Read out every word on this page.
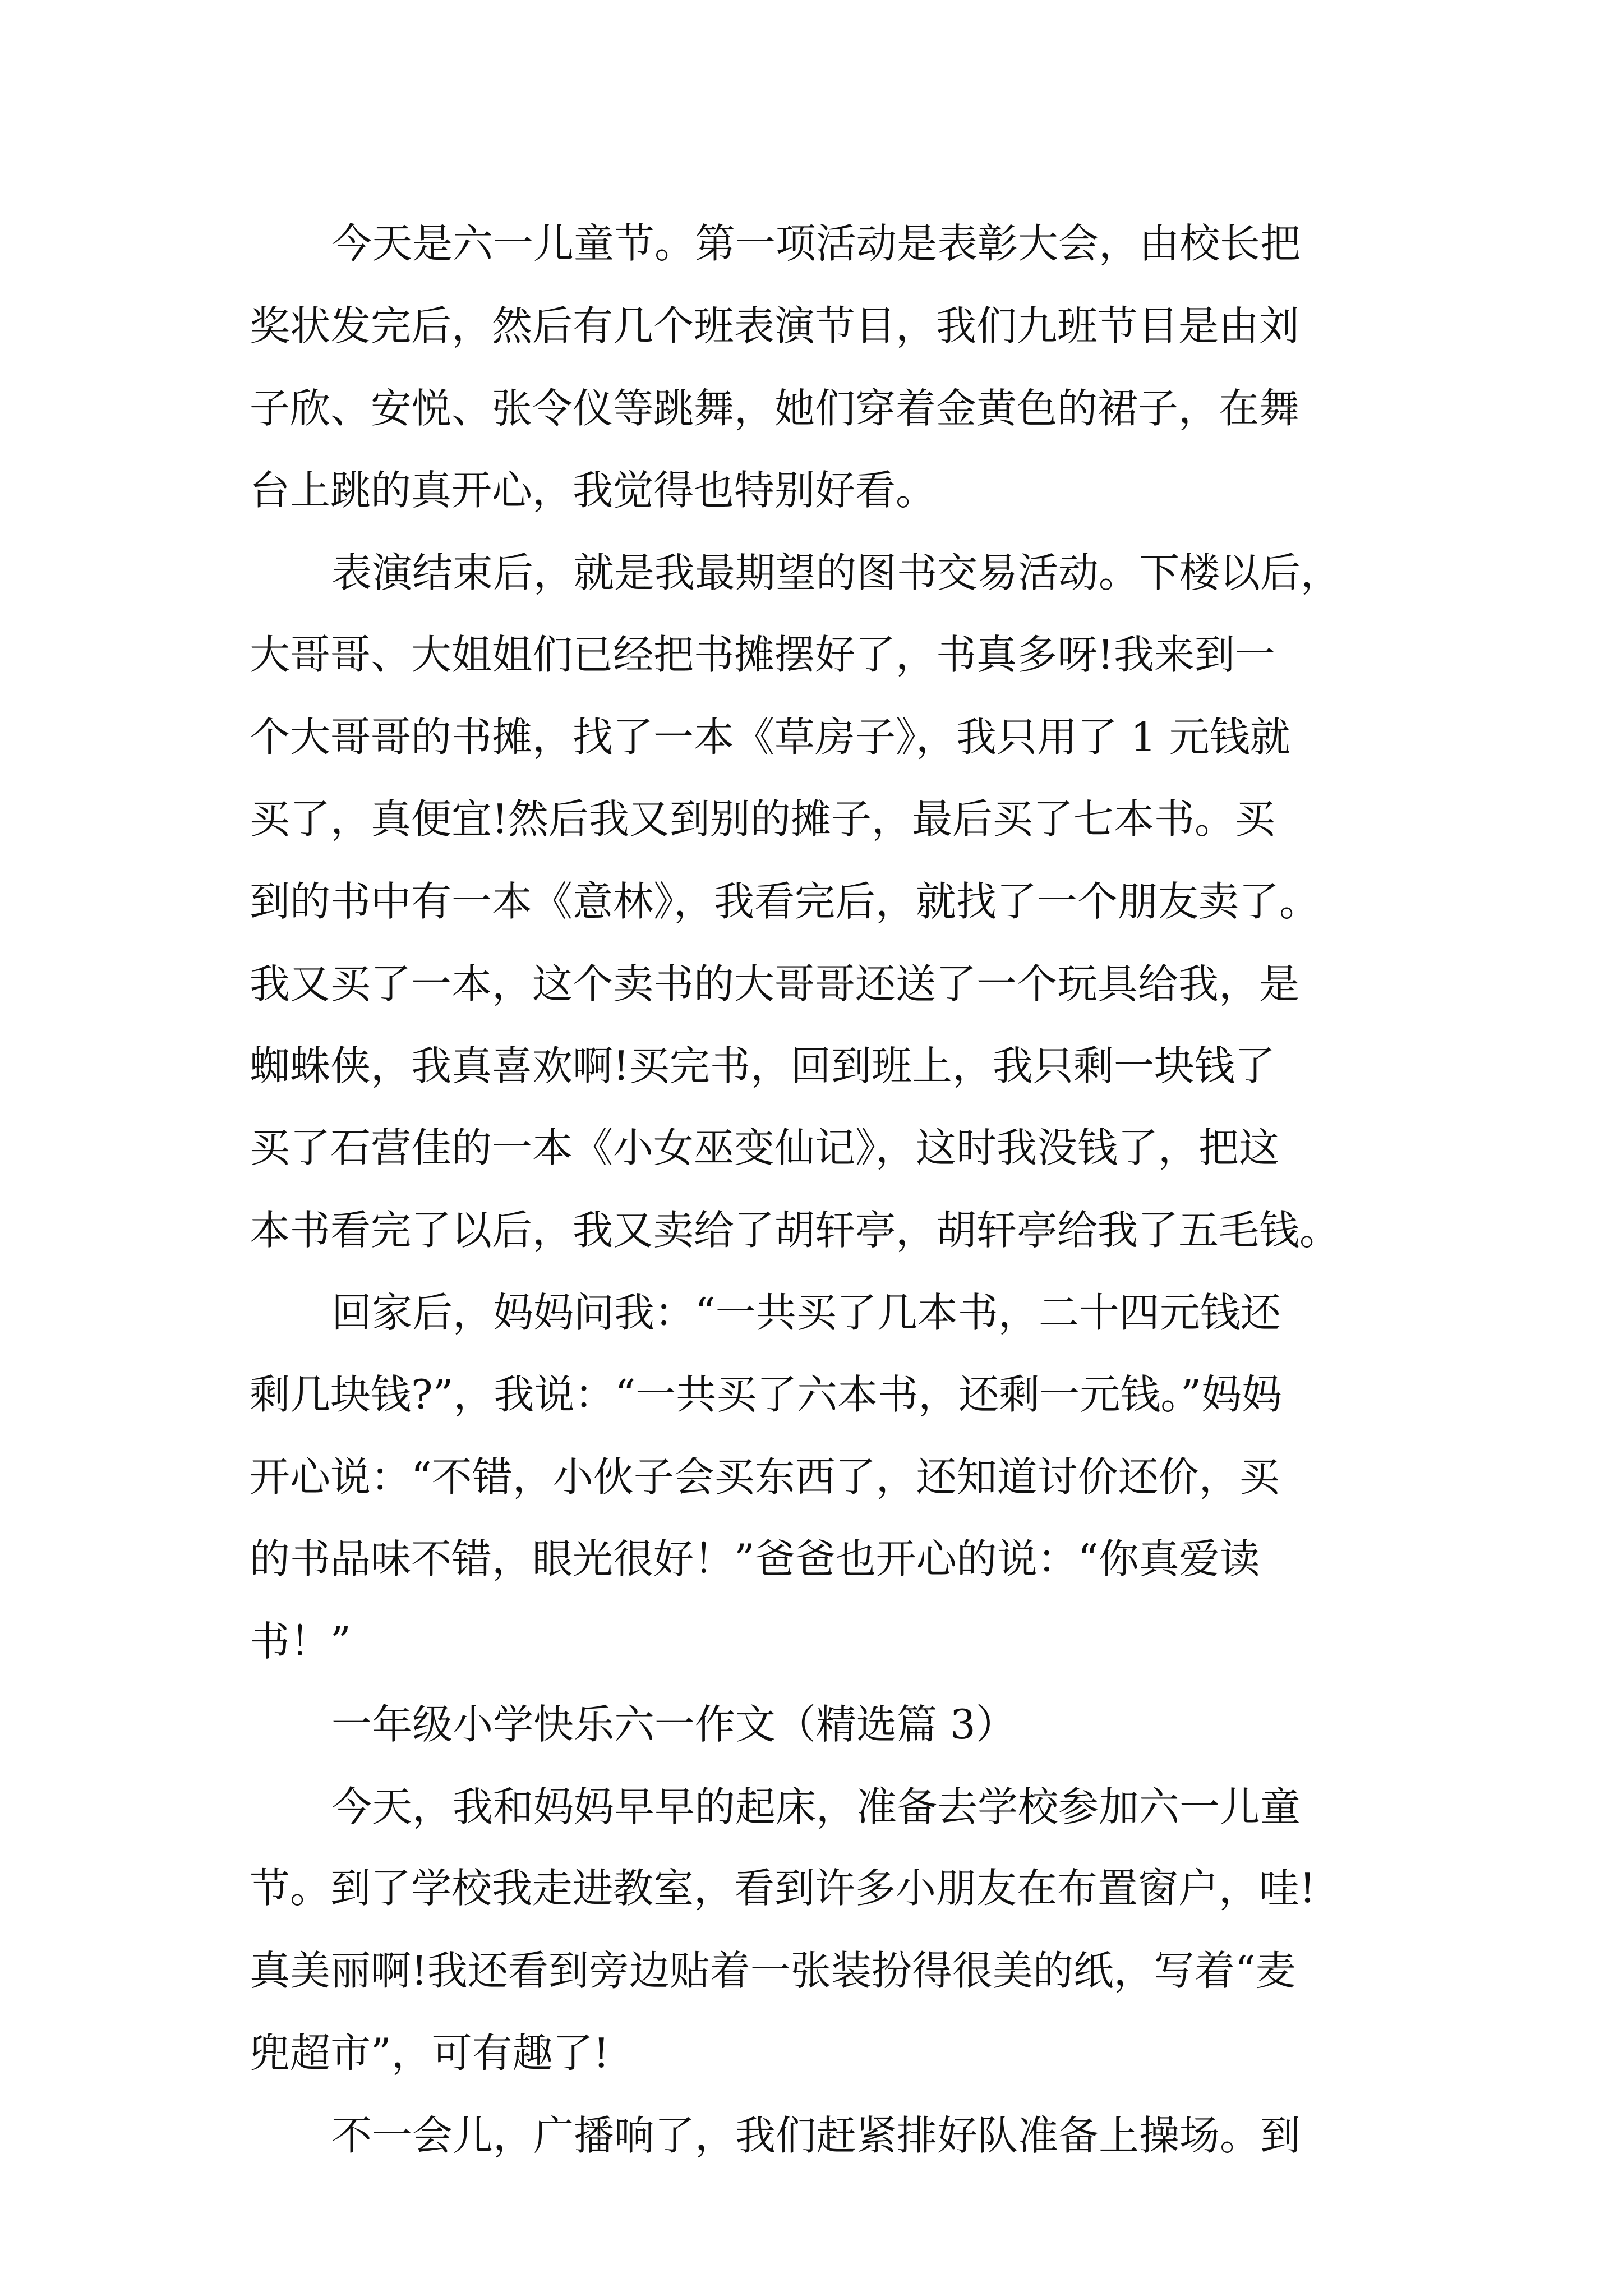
今天是六一儿童节。第一项活动是表彰大会，由校长把
奖状发完后，然后有几个班表演节目，我们九班节目是由刘
子欣、安悦、张令仪等跳舞，她们穿着金黄色的裙子，在舞
台上跳的真开心，我觉得也特别好看。
表演结束后，就是我最期望的图书交易活动。下楼以后，
大哥哥、大姐姐们已经把书摊摆好了，书真多呀!我来到一
个大哥哥的书摊，找了一本《草房子》，我只用了 1 元钱就
买了，真便宜!然后我又到别的摊子，最后买了七本书。买
到的书中有一本《意林》，我看完后，就找了一个朋友卖了。
我又买了一本，这个卖书的大哥哥还送了一个玩具给我，是
蜘蛛侠，我真喜欢啊!买完书，回到班上，我只剩一块钱了
买了石营佳的一本《小女巫变仙记》，这时我没钱了，把这
本书看完了以后，我又卖给了胡轩亭，胡轩亭给我了五毛钱。
回家后，妈妈问我：“一共买了几本书，二十四元钱还
剩几块钱?”，我说：“一共买了六本书，还剩一元钱。”妈妈
开心说：“不错，小伙子会买东西了，还知道讨价还价，买
的书品味不错，眼光很好！”爸爸也开心的说：“你真爱读
书！”
一年级小学快乐六一作文（精选篇 3）
今天，我和妈妈早早的起床，准备去学校参加六一儿童
节。到了学校我走进教室，看到许多小朋友在布置窗户，哇!
真美丽啊!我还看到旁边贴着一张装扮得很美的纸，写着“麦
兜超市”，可有趣了!
不一会儿，广播响了，我们赶紧排好队准备上操场。到
